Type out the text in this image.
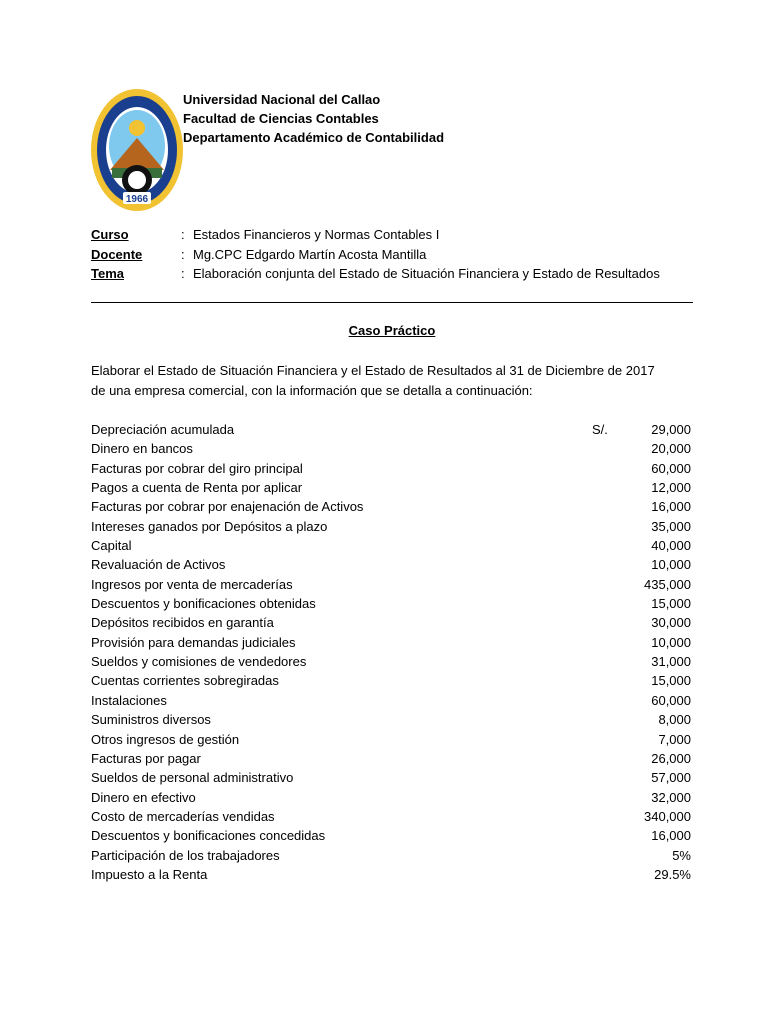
1966
Universidad Nacional del Callao
Facultad de Ciencias Contables
Departamento Académico de Contabilidad
Curso	: Estados Financieros y Normas Contables I
Docente	: Mg.CPC Edgardo Martín Acosta Mantilla
Tema	: Elaboración conjunta del Estado de Situación Financiera y Estado de Resultados
Caso Práctico
Elaborar el Estado de Situación Financiera y el Estado de Resultados al 31 de Diciembre de 2017
de una empresa comercial, con la información que se detalla a continuación:
Depreciación acumulada	S/.	29,000
Dinero en bancos	20,000
Facturas por cobrar del giro principal	60,000
Pagos a cuenta de Renta por aplicar	12,000
Facturas por cobrar por enajenación de Activos	16,000
Intereses ganados por Depósitos a plazo	35,000
Capital	40,000
Revaluación de Activos	10,000
Ingresos por venta de mercaderías	435,000
Descuentos y bonificaciones obtenidas	15,000
Depósitos recibidos en garantía	30,000
Provisión para demandas judiciales	10,000
Sueldos y comisiones de vendedores	31,000
Cuentas corrientes sobregiradas	15,000
Instalaciones	60,000
Suministros diversos	8,000
Otros ingresos de gestión	7,000
Facturas por pagar	26,000
Sueldos de personal administrativo	57,000
Dinero en efectivo	32,000
Costo de mercaderías vendidas	340,000
Descuentos y bonificaciones concedidas	16,000
Participación de los trabajadores	5%
Impuesto a la Renta	29.5%
